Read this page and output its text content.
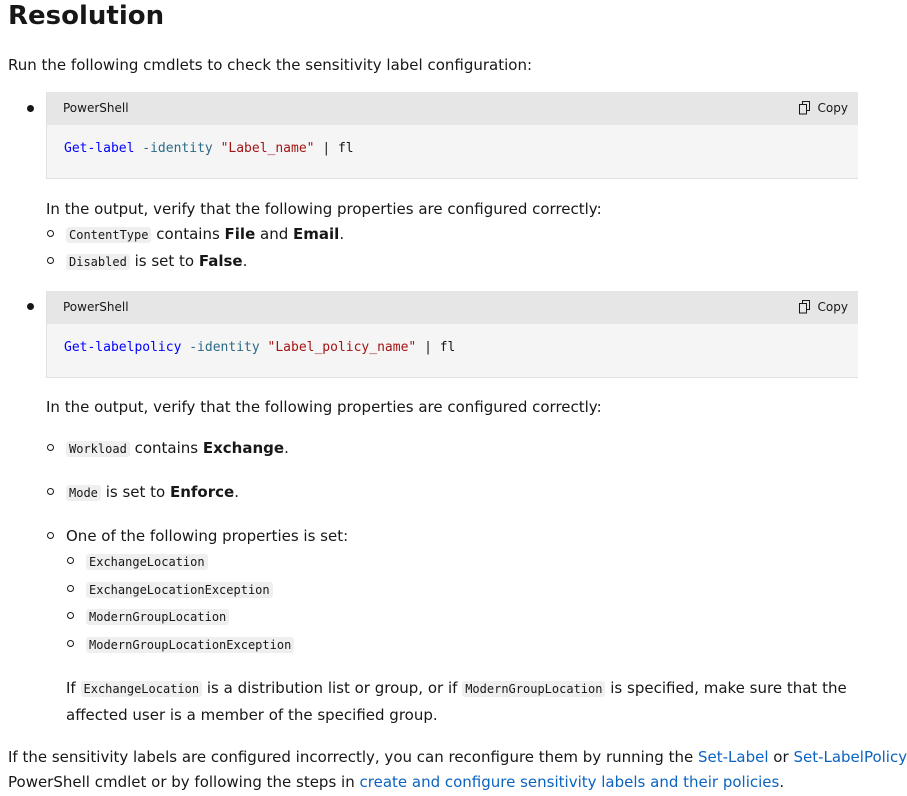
Resolution
Run the following cmdlets to check the sensitivity label configuration:
PowerShell	Copy
Get-label -identity "Label_name" | fl
In the output, verify that the following properties are configured correctly:
ContentType contains File and Email.
Disabled is set to False.
PowerShell	Copy
Get-labelpolicy -identity "Label_policy_name" | fl
In the output, verify that the following properties are configured correctly:
Workload contains Exchange.
Mode is set to Enforce.
One of the following properties is set:
ExchangeLocation
ExchangeLocationException
ModernGroupLocation
ModernGroupLocationException
If ExchangeLocation is a distribution list or group, or if ModernGroupLocation is specified, make sure that the
affected user is a member of the specified group.
If the sensitivity labels are configured incorrectly, you can reconfigure them by running the Set-Label or Set-LabelPolicy
PowerShell cmdlet or by following the steps in create and configure sensitivity labels and their policies.
